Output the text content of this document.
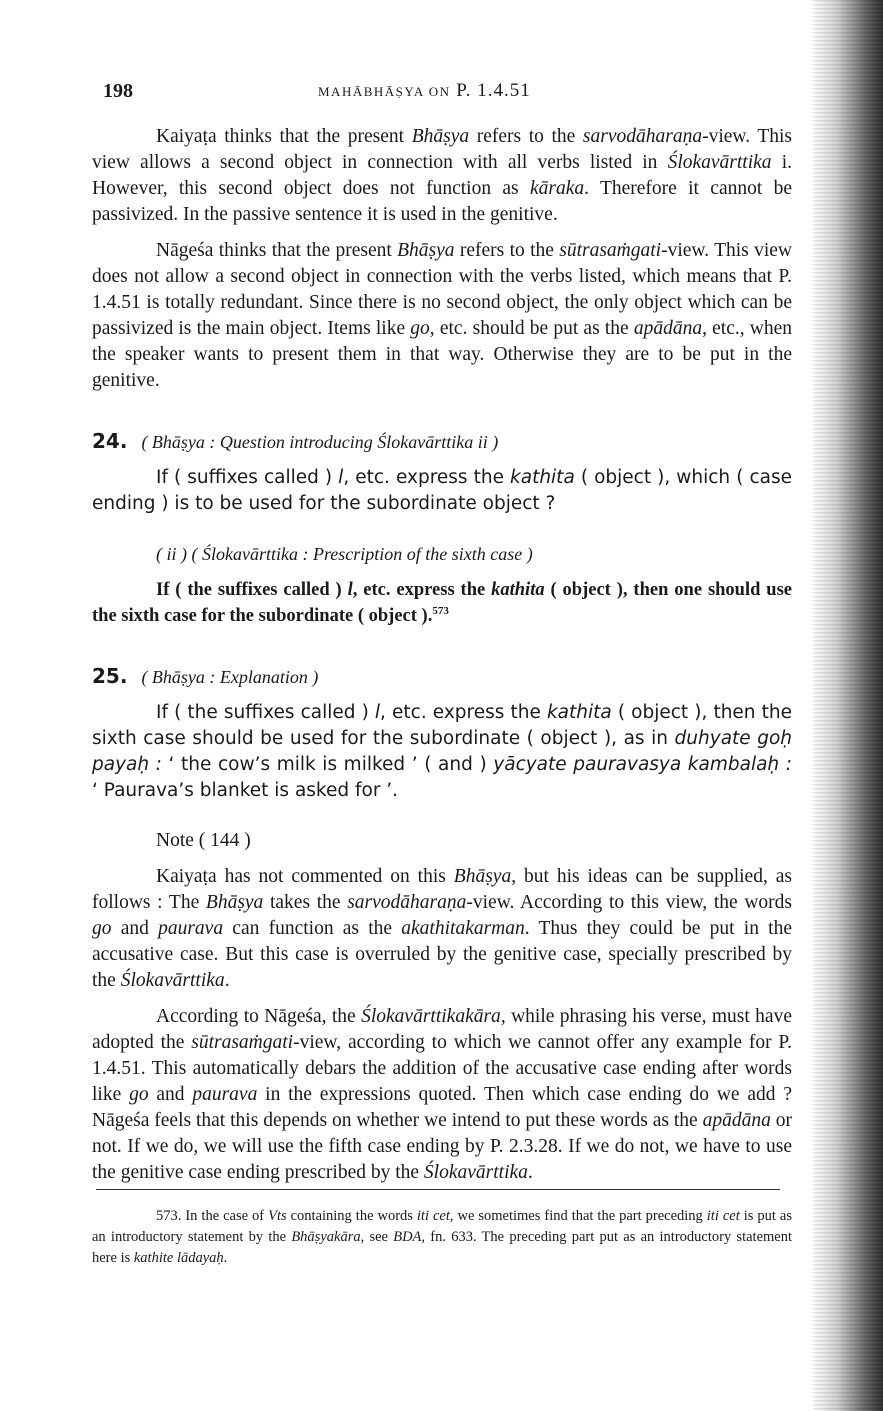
198	MAHĀBHĀṢYA ON P. 1.4.51

Kaiyaṭa thinks that the present Bhāṣya refers to the sarvodāharaṇa-view. This view allows a second object in connection with all verbs listed in Ślokavārttika i. However, this second object does not function as kāraka. Therefore it cannot be passivized. In the passive sentence it is used in the genitive.

Nāgeśa thinks that the present Bhāṣya refers to the sūtrasaṁgati-view. This view does not allow a second object in connection with the verbs listed, which means that P. 1.4.51 is totally redundant. Since there is no second object, the only object which can be passivized is the main object. Items like go, etc. should be put as the apādāna, etc., when the speaker wants to present them in that way. Otherwise they are to be put in the genitive.

24. ( Bhāṣya : Question introducing Ślokavārttika ii )

If ( suffixes called ) l, etc. express the kathita ( object ), which ( case ending ) is to be used for the subordinate object ?

( ii ) ( Ślokavārttika : Prescription of the sixth case )

If ( the suffixes called ) l, etc. express the kathita ( object ), then one should use the sixth case for the subordinate ( object ).$^{573}$

25. ( Bhāṣya : Explanation )

If ( the suffixes called ) l, etc. express the kathita ( object ), then the sixth case should be used for the subordinate ( object ), as in duhyate goḥ payaḥ : ‘ the cow’s milk is milked ’ ( and ) yācyate pauravasya kambalaḥ : ‘ Paurava’s blanket is asked for ’.

Note ( 144 )

Kaiyaṭa has not commented on this Bhāṣya, but his ideas can be supplied, as follows : The Bhāṣya takes the sarvodāharaṇa-view. According to this view, the words go and paurava can function as the akathitakarman. Thus they could be put in the accusative case. But this case is overruled by the genitive case, specially prescribed by the Ślokavārttika.

According to Nāgeśa, the Ślokavārttikakāra, while phrasing his verse, must have adopted the sūtrasaṁgati-view, according to which we cannot offer any example for P. 1.4.51. This automatically debars the addition of the accusative case ending after words like go and paurava in the expressions quoted. Then which case ending do we add ? Nāgeśa feels that this depends on whether we intend to put these words as the apādāna or not. If we do, we will use the fifth case ending by P. 2.3.28. If we do not, we have to use the genitive case ending prescribed by the Ślokavārttika.

573. In the case of Vts containing the words iti cet, we sometimes find that the part preceding iti cet is put as an introductory statement by the Bhāṣyakāra, see BDA, fn. 633. The preceding part put as an introductory statement here is kathite lādayaḥ.
